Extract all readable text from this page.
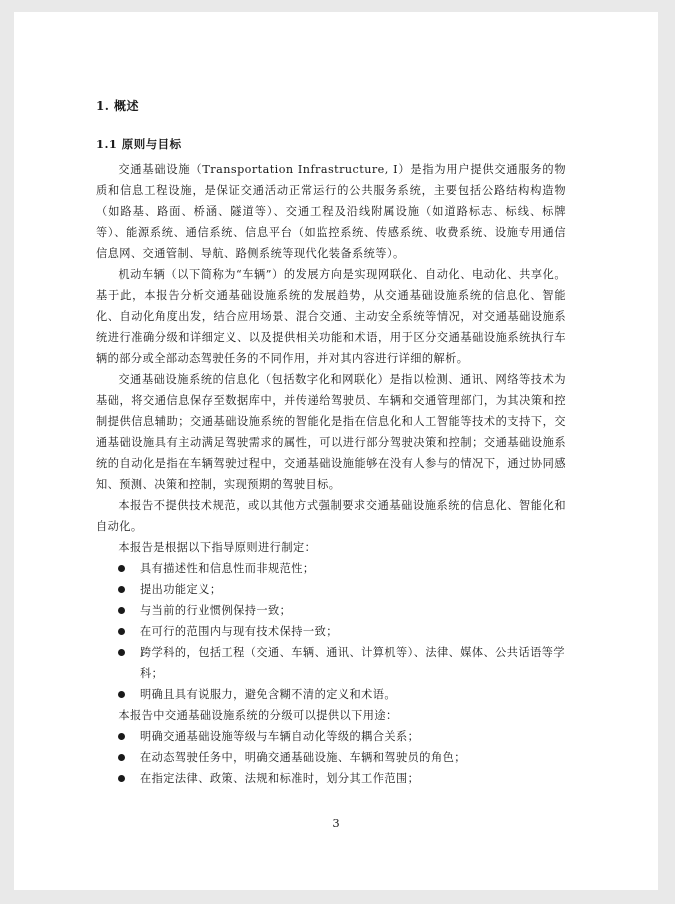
1. 概述
1.1 原则与目标

交通基础设施（Transportation Infrastructure, I）是指为用户提供交通服务的物质和信息工程设施，是保证交通活动正常运行的公共服务系统，主要包括公路结构构造物（如路基、路面、桥涵、隧道等）、交通工程及沿线附属设施（如道路标志、标线、标牌等）、能源系统、通信系统、信息平台（如监控系统、传感系统、收费系统、设施专用通信信息网、交通管制、导航、路侧系统等现代化装备系统等）。

机动车辆（以下简称为“车辆”）的发展方向是实现网联化、自动化、电动化、共享化。基于此，本报告分析交通基础设施系统的发展趋势，从交通基础设施系统的信息化、智能化、自动化角度出发，结合应用场景、混合交通、主动安全系统等情况，对交通基础设施系统进行准确分级和详细定义、以及提供相关功能和术语，用于区分交通基础设施系统执行车辆的部分或全部动态驾驶任务的不同作用，并对其内容进行详细的解析。

交通基础设施系统的信息化（包括数字化和网联化）是指以检测、通讯、网络等技术为基础，将交通信息保存至数据库中，并传递给驾驶员、车辆和交通管理部门，为其决策和控制提供信息辅助；交通基础设施系统的智能化是指在信息化和人工智能等技术的支持下，交通基础设施具有主动满足驾驶需求的属性，可以进行部分驾驶决策和控制；交通基础设施系统的自动化是指在车辆驾驶过程中，交通基础设施能够在没有人参与的情况下，通过协同感知、预测、决策和控制，实现预期的驾驶目标。

本报告不提供技术规范，或以其他方式强制要求交通基础设施系统的信息化、智能化和自动化。

本报告是根据以下指导原则进行制定：

具有描述性和信息性而非规范性；
提出功能定义；
与当前的行业惯例保持一致；
在可行的范围内与现有技术保持一致；
跨学科的，包括工程（交通、车辆、通讯、计算机等）、法律、媒体、公共话语等学科；
明确且具有说服力，避免含糊不清的定义和术语。

本报告中交通基础设施系统的分级可以提供以下用途：

明确交通基础设施等级与车辆自动化等级的耦合关系；
在动态驾驶任务中，明确交通基础设施、车辆和驾驶员的角色；
在指定法律、政策、法规和标准时，划分其工作范围；
3
